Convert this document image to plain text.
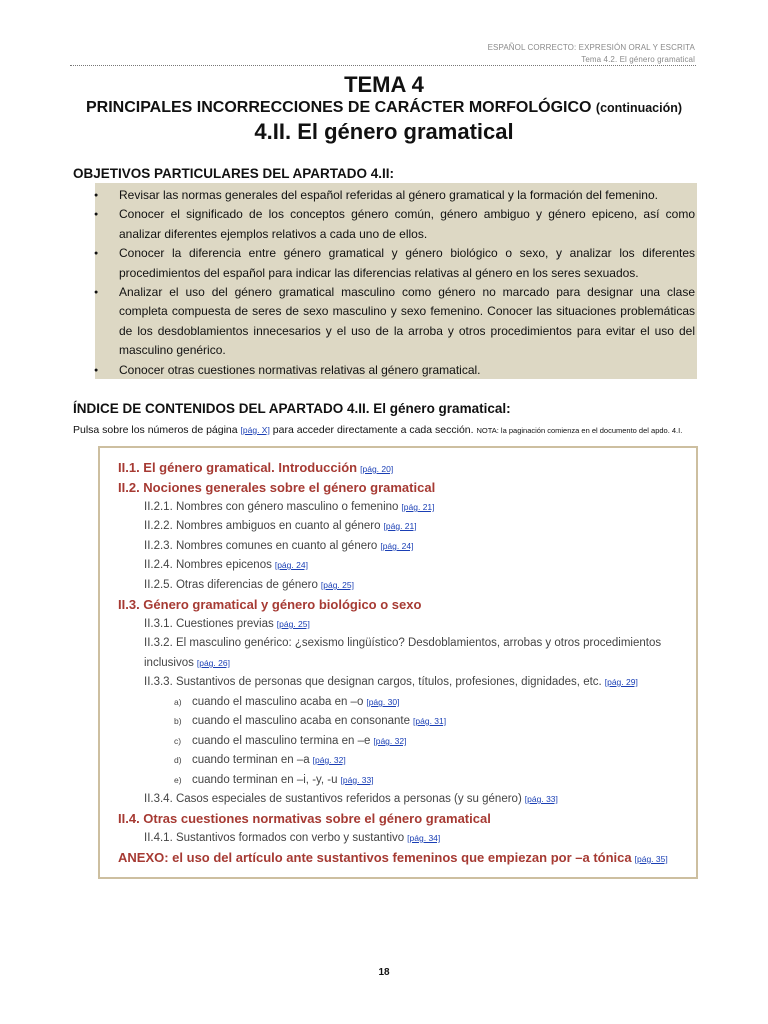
ESPAÑOL CORRECTO: EXPRESIÓN ORAL Y ESCRITA
Tema 4.2. El género gramatical
TEMA 4
PRINCIPALES INCORRECCIONES DE CARÁCTER MORFOLÓGICO (continuación)
4.II. El género gramatical
OBJETIVOS PARTICULARES DEL APARTADO 4.II:
● Revisar las normas generales del español referidas al género gramatical y la formación del femenino.
● Conocer el significado de los conceptos género común, género ambiguo y género epiceno, así como analizar diferentes ejemplos relativos a cada uno de ellos.
● Conocer la diferencia entre género gramatical y género biológico o sexo, y analizar los diferentes procedimientos del español para indicar las diferencias relativas al género en los seres sexuados.
● Analizar el uso del género gramatical masculino como género no marcado para designar una clase completa compuesta de seres de sexo masculino y sexo femenino. Conocer las situaciones problemáticas de los desdoblamientos innecesarios y el uso de la arroba y otros procedimientos para evitar el uso del masculino genérico.
● Conocer otras cuestiones normativas relativas al género gramatical.
ÍNDICE DE CONTENIDOS DEL APARTADO 4.II. El género gramatical:
Pulsa sobre los números de página [pág. X] para acceder directamente a cada sección. NOTA: la paginación comienza en el documento del apdo. 4.I.
II.1. El género gramatical. Introducción [pág. 20]
II.2. Nociones generales sobre el género gramatical
II.2.1. Nombres con género masculino o femenino [pág. 21]
II.2.2. Nombres ambiguos en cuanto al género [pág. 21]
II.2.3. Nombres comunes en cuanto al género [pág. 24]
II.2.4. Nombres epicenos [pág. 24]
II.2.5. Otras diferencias de género [pág. 25]
II.3. Género gramatical y género biológico o sexo
II.3.1. Cuestiones previas [pág. 25]
II.3.2. El masculino genérico: ¿sexismo lingüístico? Desdoblamientos, arrobas y otros procedimientos
inclusivos [pág. 26]
II.3.3. Sustantivos de personas que designan cargos, títulos, profesiones, dignidades, etc. [pág. 29]
a) cuando el masculino acaba en –o [pág. 30]
b) cuando el masculino acaba en consonante [pág. 31]
c) cuando el masculino termina en –e [pág. 32]
d) cuando terminan en –a [pág. 32]
e) cuando terminan en –i, -y, -u [pág. 33]
II.3.4. Casos especiales de sustantivos referidos a personas (y su género) [pág. 33]
II.4. Otras cuestiones normativas sobre el género gramatical
II.4.1. Sustantivos formados con verbo y sustantivo [pág. 34]
ANEXO: el uso del artículo ante sustantivos femeninos que empiezan por –a tónica [pág. 35]
18
